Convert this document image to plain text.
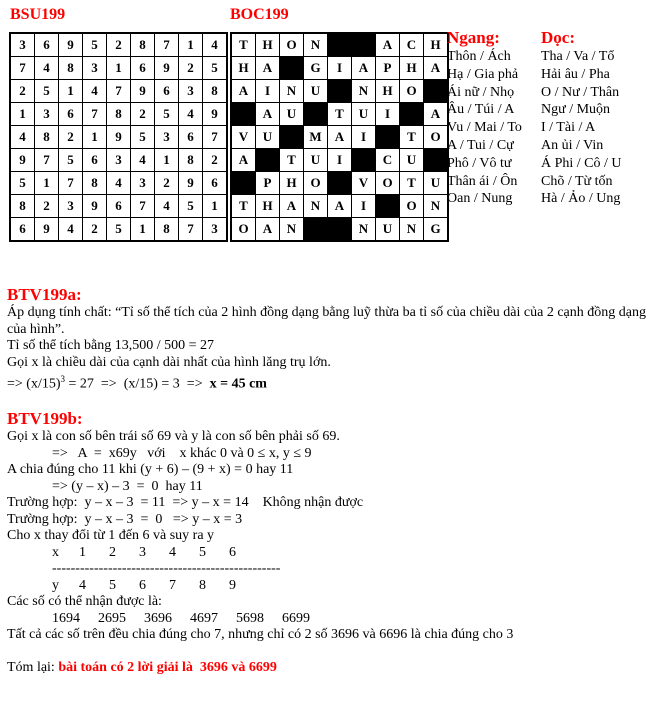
BSU199
3	6	9	5	2	8	7	1	4
7	4	8	3	1	6	9	2	5
2	5	1	4	7	9	6	3	8
1	3	6	7	8	2	5	4	9
4	8	2	1	9	5	3	6	7
9	7	5	6	3	4	1	8	2
5	1	7	8	4	3	2	9	6
8	2	3	9	6	7	4	5	1
6	9	4	2	5	1	8	7	3
BOC199
T	H	O	N			A	C	H
H	A		G	I	A	P	H	A
A	I	N	U		N	H	O	
	A	U		T	U	I		A
V	U		M	A	I		T	O
A		T	U	I		C	U	
	P	H	O		V	O	T	U
T	H	A	N	A	I		O	N
O	A	N			N	U	N	G
Ngang:
Thôn / Ách
Hạ / Gia phả
Ái nữ / Nhọ
Âu / Túi / A
Vu / Mai / To
A / Tui / Cự
Phô / Vô tư
Thân ái / Ôn
Oan / Nung
Dọc:
Tha / Va / Tổ
Hải âu / Pha
O / Nư / Thân
Ngư / Muộn
I / Tài / A
An ủi / Vin
Á Phi / Cô / U
Chõ / Từ tốn
Hà / Ảo / Ung
BTV199a:
Áp dụng tính chất: “Tỉ số thể tích của 2 hình đồng dạng bằng luỹ thừa ba tỉ số của chiều dài của 2 cạnh đồng dạng của hình”.
Tỉ số thể tích bằng 13,500 / 500 = 27
Gọi x là chiều dài của cạnh dài nhất của hình lăng trụ lớn.
=> $(x/15)^3 = 27 => (x/15) = 3 => x = 45$ cm
BTV199b:
Gọi x là con số bên trái số 69 và y là con số bên phải số 69.
=>   A  =  x69y   với    x khác 0 và 0 ≤ x, y ≤ 9
A chia đúng cho 11 khi (y + 6) – (9 + x) = 0 hay 11
=> (y – x) – 3  =  0  hay 11
Trường hợp:  y – x – 3  = 11  => y – x = 14    Không nhận được
Trường hợp:  y – x – 3  =  0   => y – x = 3
Cho x thay đổi từ 1 đến 6 và suy ra y
x	1	2	3	4	5	6
-------------------------------------------------
y	4	5	6	7	8	9
Các số có thể nhận được là:
1694	2695	3696	4697	5698	6699
Tất cả các số trên đều chia đúng cho 7, nhưng chỉ có 2 số 3696 và 6696 là chia đúng cho 3
Tóm lại: bài toán có 2 lời giải là  3696 và 6699
